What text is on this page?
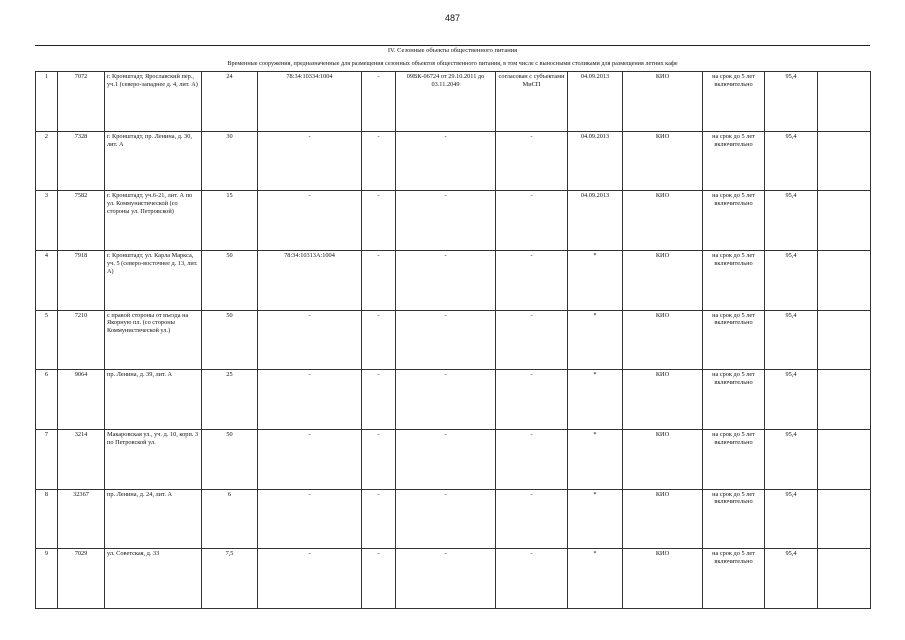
487
IV. Сезонные объекты общественного питания
Временные сооружения, предназначенные для размещения сезонных объектов общественного питания, в том числе с выносными столиками для размещения летних кафе
1	7072	г. Кронштадт, Ярославский пер., уч.1 (северо-западнее д. 4, лит. А)	24	78:34:10334:1004	-	09ВК-06724 от 29.10.2011 до 03.11.2049	согласован с субъектами МиСП	04.09.2013	КИО	на срок до 5 лет включительно	95,4	
2	7328	г. Кронштадт, пр. Ленина, д. 30, лит. А	30	-	-	-	-	04.09.2013	КИО	на срок до 5 лет включительно	95,4	
3	7582	г. Кронштадт, уч.6-21, лит. А по ул. Коммунистической (со стороны ул. Петровской)	15	-	-	-	-	04.09.2013	КИО	на срок до 5 лет включительно	95,4	
4	7918	г. Кронштадт, ул. Карла Маркса, уч. 5 (северо-восточнее д. 13, лит. А)	50	78:34:10313А:1004	-	-	-	*	КИО	на срок до 5 лет включительно	95,4	
5	7210	с правой стороны от въезда на Якорную пл. (со стороны Коммунистической ул.)	50	-	-	-	-	*	КИО	на срок до 5 лет включительно	95,4	
6	9064	пр. Ленина, д. 39, лит. А	25	-	-	-	-	*	КИО	на срок до 5 лет включительно	95,4	
7	3214	Макаровская ул., уч. д. 10, корп. 3 по Петровской ул.	50	-	-	-	-	*	КИО	на срок до 5 лет включительно	95,4	
8	32367	пр. Ленина, д. 24, лит. А	6	-	-	-	-	*	КИО	на срок до 5 лет включительно	95,4	
9	7029	ул. Советская, д. 33	7,5	-	-	-	-	*	КИО	на срок до 5 лет включительно	95,4	
